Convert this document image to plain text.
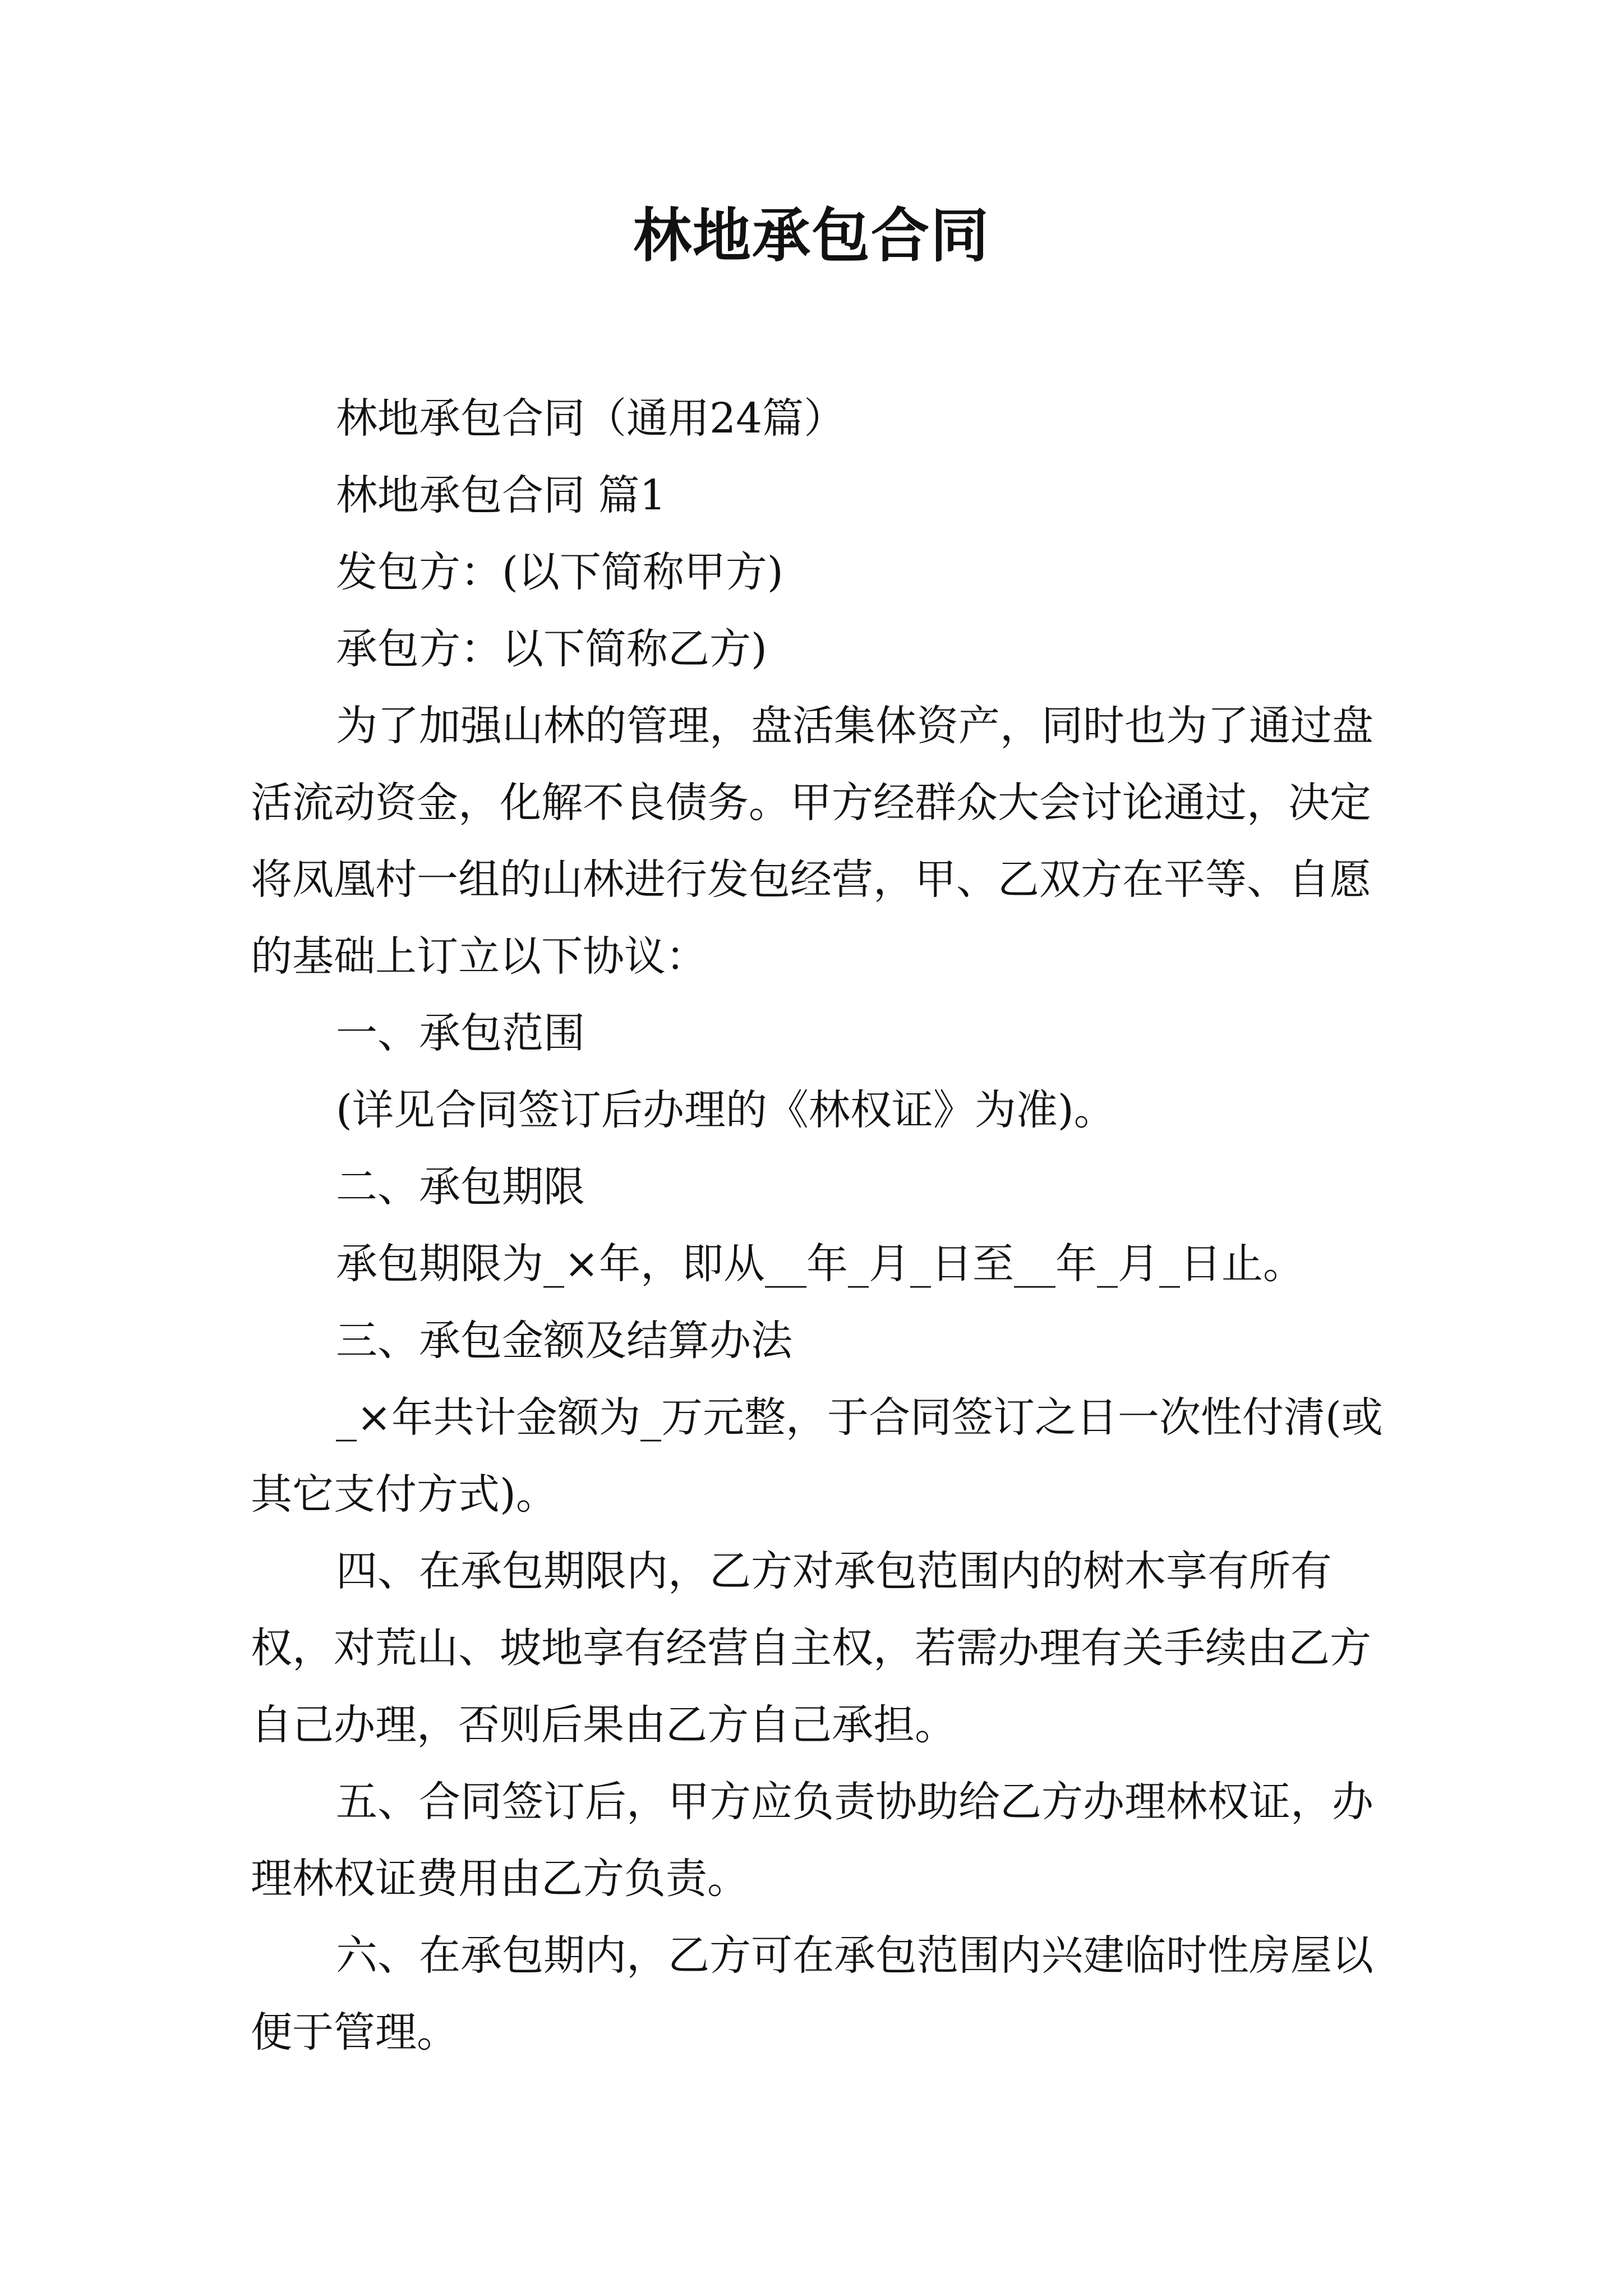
林地承包合同

林地承包合同（通用24篇）

林地承包合同 篇1

发包方：(以下简称甲方)

承包方：以下简称乙方)

为了加强山林的管理，盘活集体资产，同时也为了通过盘活流动资金，化解不良债务。甲方经群众大会讨论通过，决定将凤凰村一组的山林进行发包经营，甲、乙双方在平等、自愿的基础上订立以下协议：

一、承包范围

(详见合同签订后办理的《林权证》为准)。

二、承包期限

承包期限为_×年，即从__年_月_日至__年_月_日止。

三、承包金额及结算办法

_×年共计金额为_万元整，于合同签订之日一次性付清(或其它支付方式)。

四、在承包期限内，乙方对承包范围内的树木享有所有权，对荒山、坡地享有经营自主权，若需办理有关手续由乙方自己办理，否则后果由乙方自己承担。

五、合同签订后，甲方应负责协助给乙方办理林权证，办理林权证费用由乙方负责。

六、在承包期内，乙方可在承包范围内兴建临时性房屋以便于管理。
